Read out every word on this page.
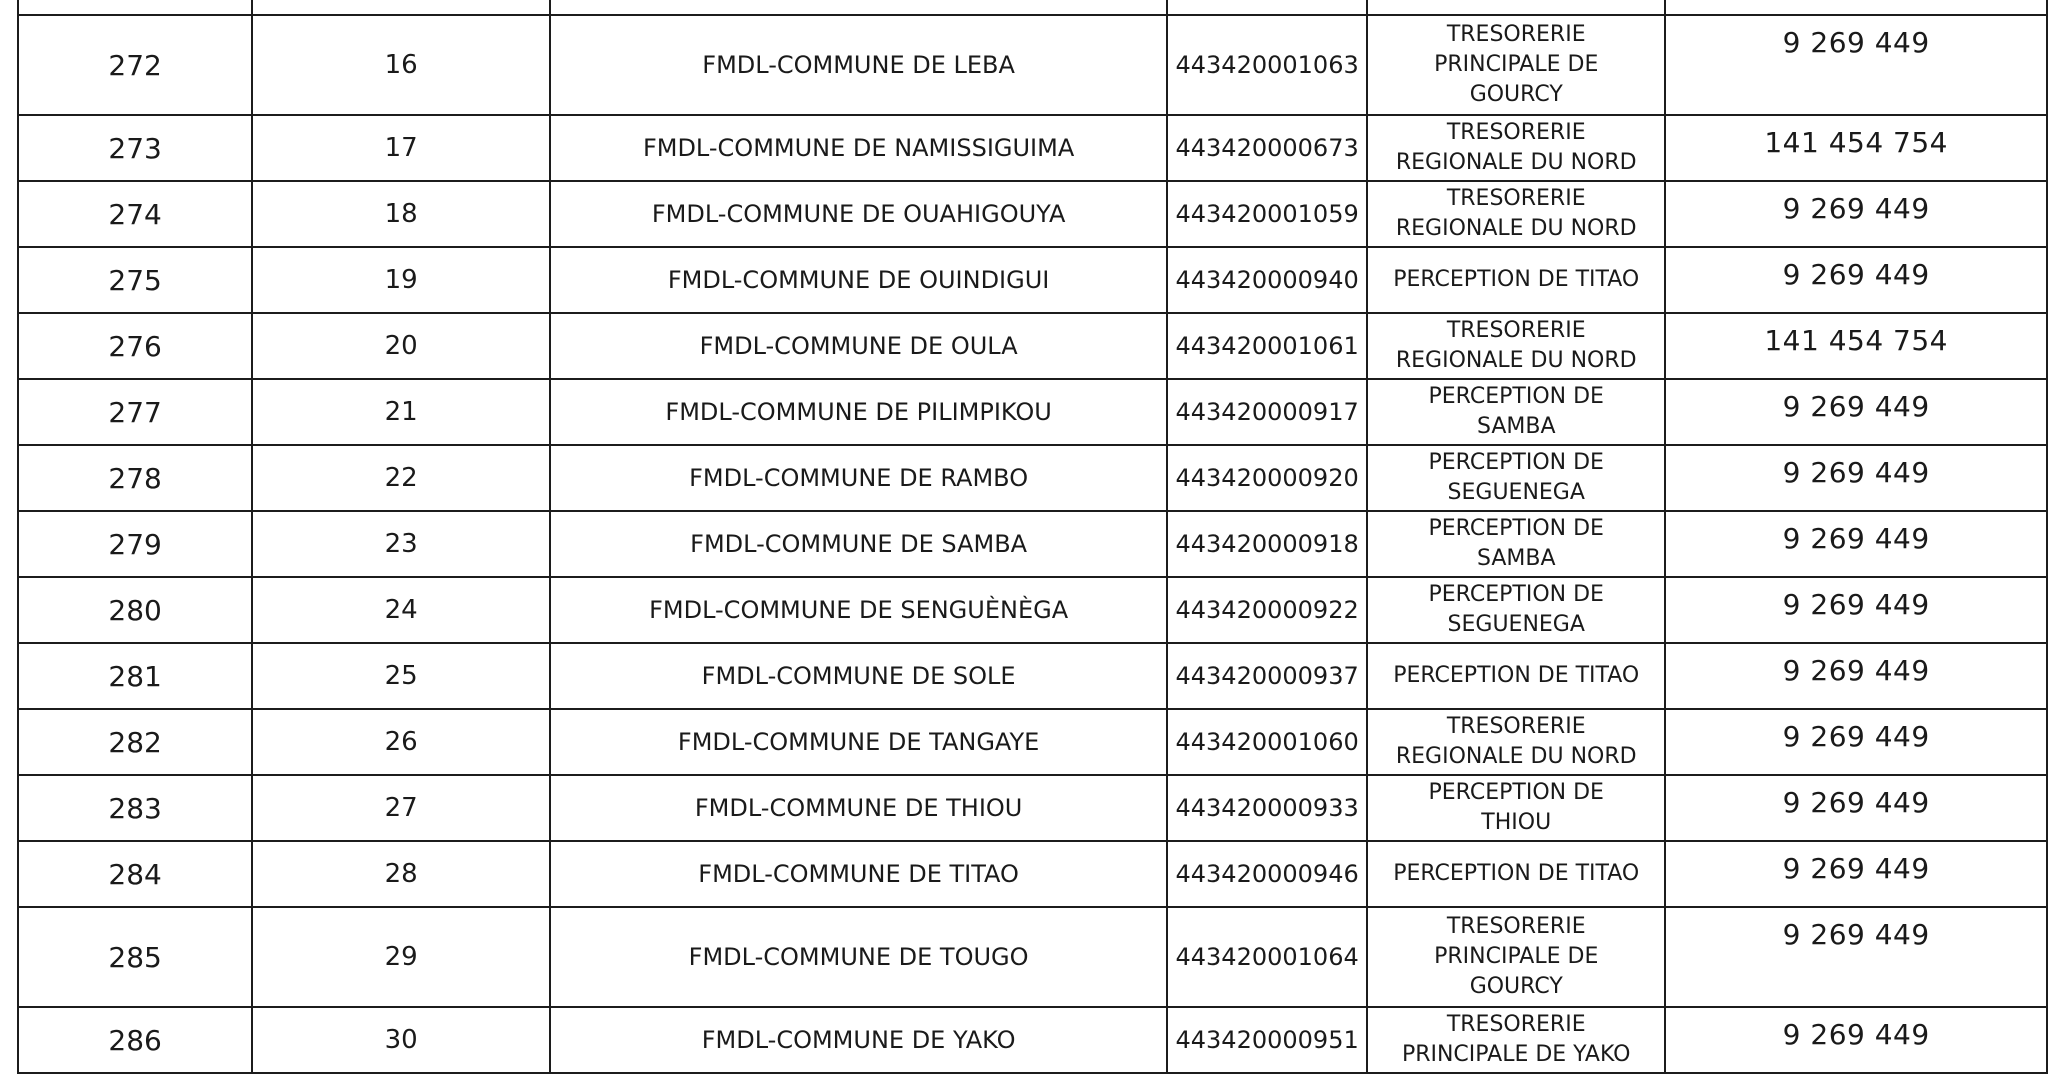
272	16	FMDL-COMMUNE DE LEBA	443420001063	TRESORERIE
PRINCIPALE DE
GOURCY	9 269 449

273	17	FMDL-COMMUNE DE NAMISSIGUIMA	443420000673	TRESORERIE
REGIONALE DU NORD	141 454 754

274	18	FMDL-COMMUNE DE OUAHIGOUYA	443420001059	TRESORERIE
REGIONALE DU NORD	9 269 449

275	19	FMDL-COMMUNE DE OUINDIGUI	443420000940	PERCEPTION DE TITAO	9 269 449

276	20	FMDL-COMMUNE DE OULA	443420001061	TRESORERIE
REGIONALE DU NORD	141 454 754

277	21	FMDL-COMMUNE DE PILIMPIKOU	443420000917	PERCEPTION DE
SAMBA	9 269 449

278	22	FMDL-COMMUNE DE RAMBO	443420000920	PERCEPTION DE
SEGUENEGA	9 269 449

279	23	FMDL-COMMUNE DE SAMBA	443420000918	PERCEPTION DE
SAMBA	9 269 449

280	24	FMDL-COMMUNE DE SENGUÈNÈGA	443420000922	PERCEPTION DE
SEGUENEGA	9 269 449

281	25	FMDL-COMMUNE DE SOLE	443420000937	PERCEPTION DE TITAO	9 269 449

282	26	FMDL-COMMUNE DE TANGAYE	443420001060	TRESORERIE
REGIONALE DU NORD	9 269 449

283	27	FMDL-COMMUNE DE THIOU	443420000933	PERCEPTION DE
THIOU	9 269 449

284	28	FMDL-COMMUNE DE TITAO	443420000946	PERCEPTION DE TITAO	9 269 449

285	29	FMDL-COMMUNE DE TOUGO	443420001064	TRESORERIE
PRINCIPALE DE
GOURCY	9 269 449

286	30	FMDL-COMMUNE DE YAKO	443420000951	TRESORERIE
PRINCIPALE DE YAKO	9 269 449
